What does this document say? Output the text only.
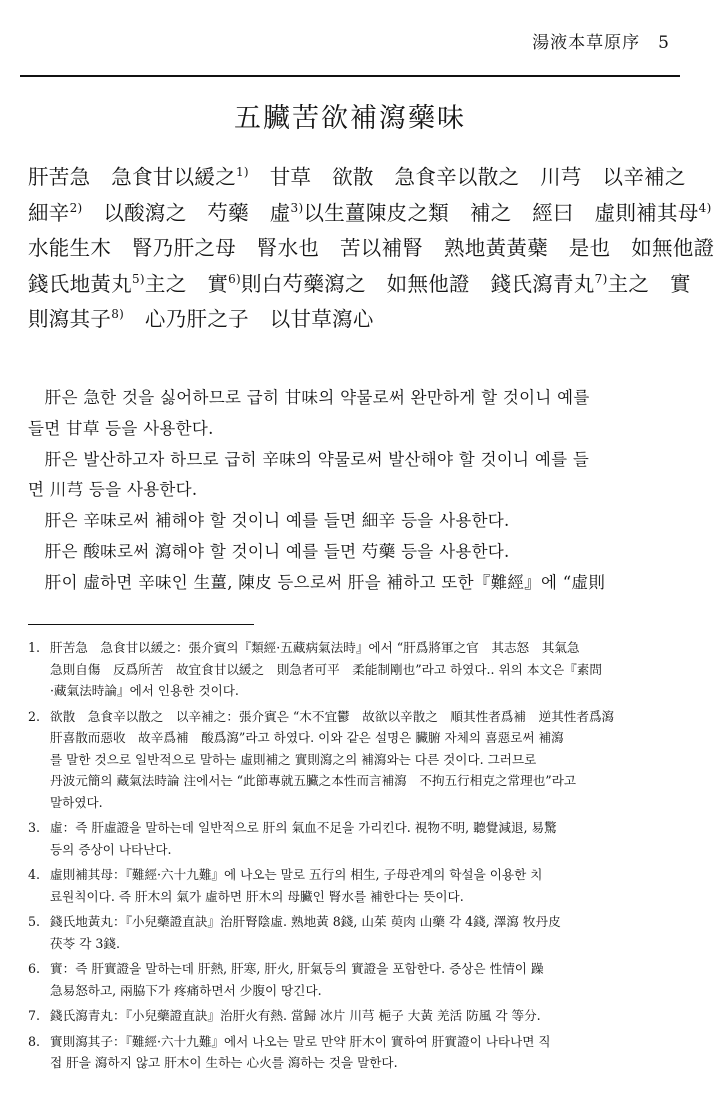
湯液本草原序　5
五臟苦欲補瀉藥味
肝苦急　急食甘以緩之$^{1)}$　甘草　欲散　急食辛以散之　川芎　以辛補之
細辛$^{2)}$　以酸瀉之　芍藥　虛$^{3)}$以生薑陳皮之類　補之　經曰　虛則補其母$^{4)}$
水能生木　腎乃肝之母　腎水也　苦以補腎　熟地黃黃蘗　是也　如無他證
錢氏地黃丸$^{5)}$主之　實$^{6)}$則白芍藥瀉之　如無他證　錢氏瀉青丸$^{7)}$主之　實
則瀉其子$^{8)}$　心乃肝之子　以甘草瀉心
　肝은 急한 것을 싫어하므로 급히 甘味의 약물로써 완만하게 할 것이니 예를
들면 甘草 등을 사용한다.
　肝은 발산하고자 하므로 급히 辛味의 약물로써 발산해야 할 것이니 예를 들
면 川芎 등을 사용한다.
　肝은 辛味로써 補해야 할 것이니 예를 들면 細辛 등을 사용한다.
　肝은 酸味로써 瀉해야 할 것이니 예를 들면 芍藥 등을 사용한다.
　肝이 虛하면 辛味인 生薑, 陳皮 등으로써 肝을 補하고 또한『難經』에 “虛則
1. 肝苦急　急食甘以緩之：張介賓의『類經·五藏病氣法時』에서 “肝爲將軍之官　其志怒　其氣急
急則自傷　反爲所苦　故宜食甘以緩之　則急者可平　柔能制剛也”라고 하였다.. 위의 本文은『素問
·藏氣法時論』에서 인용한 것이다.
2. 欲散　急食辛以散之　以辛補之：張介賓은 “木不宜鬱　故欲以辛散之　順其性者爲補　逆其性者爲瀉
肝喜散而惡收　故辛爲補　酸爲瀉”라고 하였다. 이와 같은 설명은 臟腑 자체의 喜惡로써 補瀉
를 말한 것으로 일반적으로 말하는 虛則補之 實則瀉之의 補瀉와는 다른 것이다. 그러므로
丹波元簡의 藏氣法時論 注에서는 “此節專就五臟之本性而言補瀉　不拘五行相克之常理也”라고
말하였다.
3. 虛：즉 肝虛證을 말하는데 일반적으로 肝의 氣血不足을 가리킨다. 視物不明, 聽覺減退, 易驚
등의 증상이 나타난다.
4. 虛則補其母：『難經·六十九難』에 나오는 말로 五行의 相生, 子母관계의 학설을 이용한 치
료원칙이다. 즉 肝木의 氣가 虛하면 肝木의 母臟인 腎水를 補한다는 뜻이다.
5. 錢氏地黃丸：『小兒藥證直訣』治肝腎陰虛. 熟地黃 8錢, 山茱 萸肉 山藥 각 4錢, 澤瀉 牧丹皮
茯苓 각 3錢.
6. 實：즉 肝實證을 말하는데 肝熱, 肝寒, 肝火, 肝氣등의 實證을 포함한다. 증상은 性情이 躁
急易怒하고, 兩脇下가 疼痛하면서 少腹이 땅긴다.
7. 錢氏瀉青丸：『小兒藥證直訣』治肝火有熱. 當歸 冰片 川芎 梔子 大黃 羌活 防風 각 等分.
8. 實則瀉其子：『難經·六十九難』에서 나오는 말로 만약 肝木이 實하여 肝實證이 나타나면 직
접 肝을 瀉하지 않고 肝木이 生하는 心火를 瀉하는 것을 말한다.
